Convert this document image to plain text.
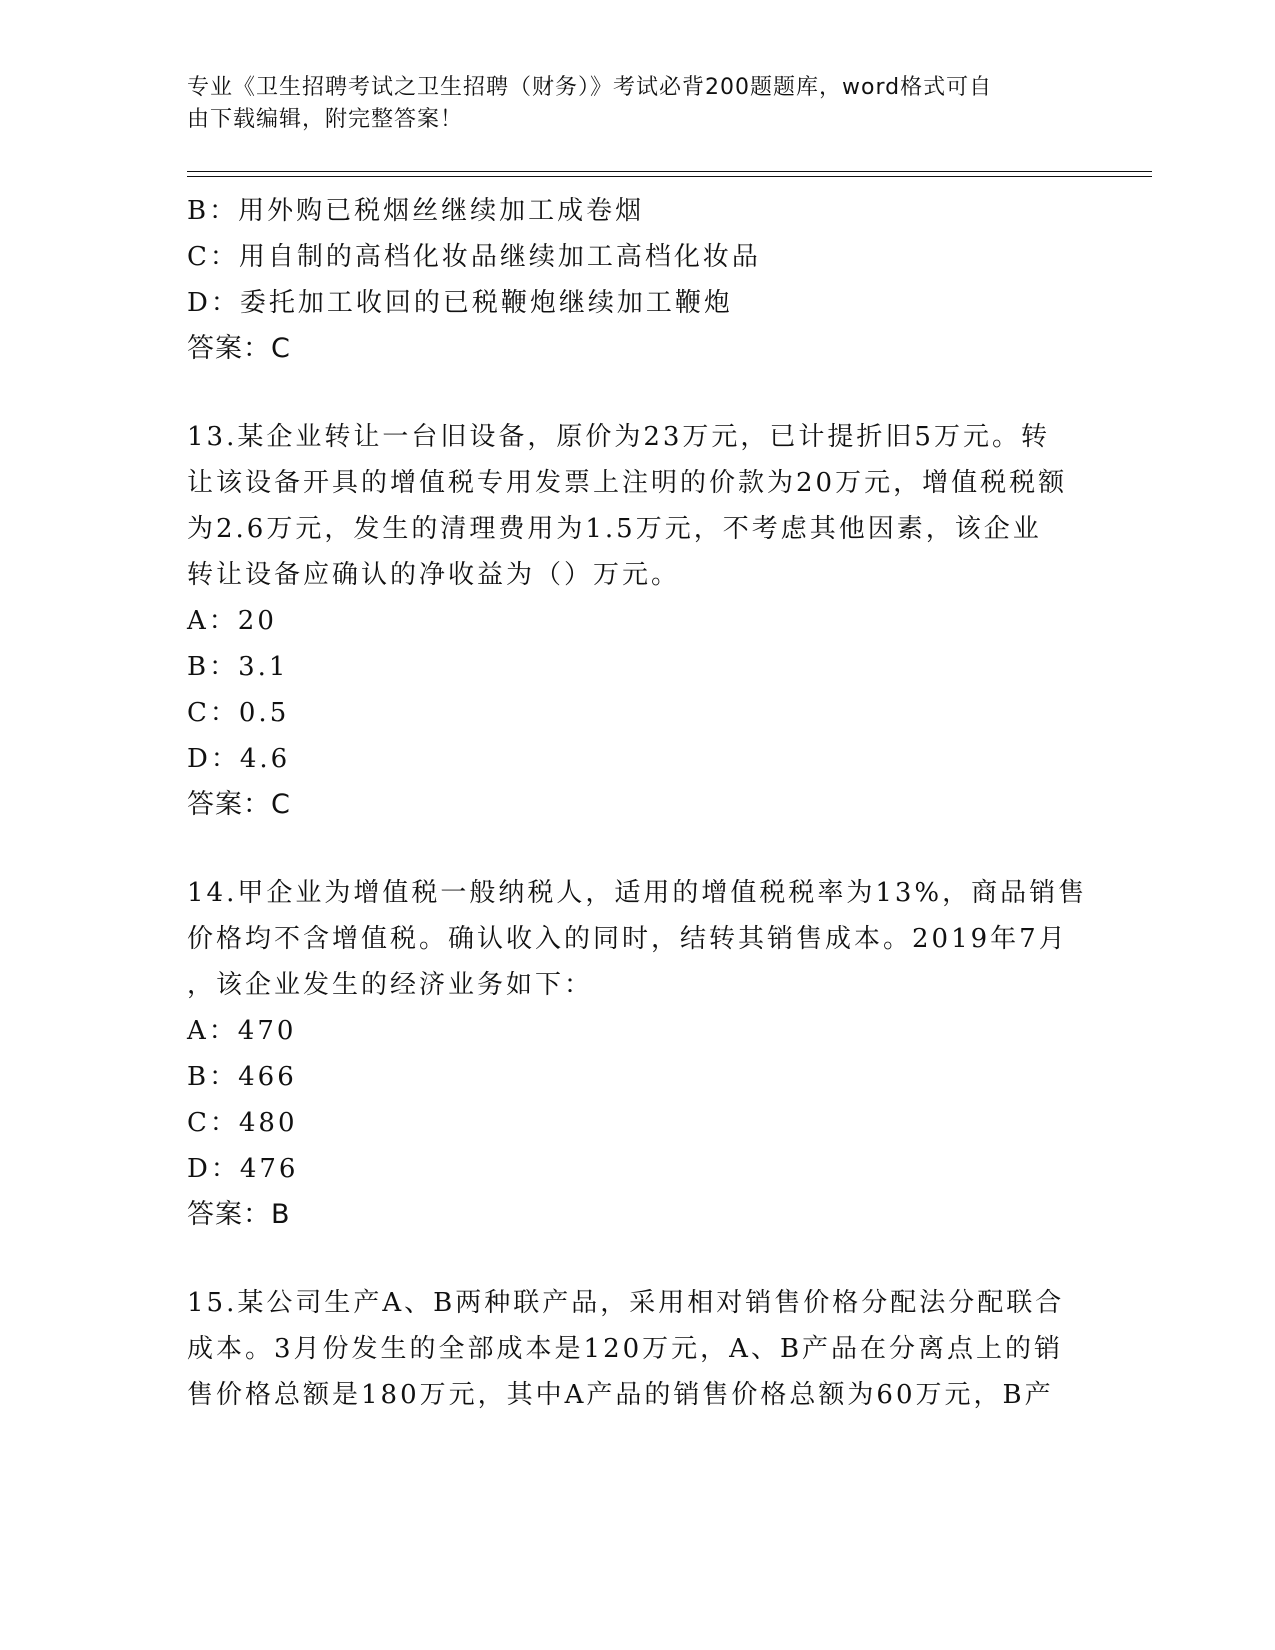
专业《卫生招聘考试之卫生招聘（财务）》考试必背200题题库，word格式可自
由下载编辑，附完整答案！
B：用外购已税烟丝继续加工成卷烟
C：用自制的高档化妆品继续加工高档化妆品
D：委托加工收回的已税鞭炮继续加工鞭炮
答案：C
13.某企业转让一台旧设备，原价为23万元，已计提折旧5万元。转
让该设备开具的增值税专用发票上注明的价款为20万元，增值税税额
为2.6万元，发生的清理费用为1.5万元，不考虑其他因素，该企业
转让设备应确认的净收益为（）万元。
A：20
B：3.1
C：0.5
D：4.6
答案：C
14.甲企业为增值税一般纳税人，适用的增值税税率为13%，商品销售
价格均不含增值税。确认收入的同时，结转其销售成本。2019年7月
，该企业发生的经济业务如下：
A：470
B：466
C：480
D：476
答案：B
15.某公司生产A、B两种联产品，采用相对销售价格分配法分配联合
成本。3月份发生的全部成本是120万元，A、B产品在分离点上的销
售价格总额是180万元，其中A产品的销售价格总额为60万元，B产
